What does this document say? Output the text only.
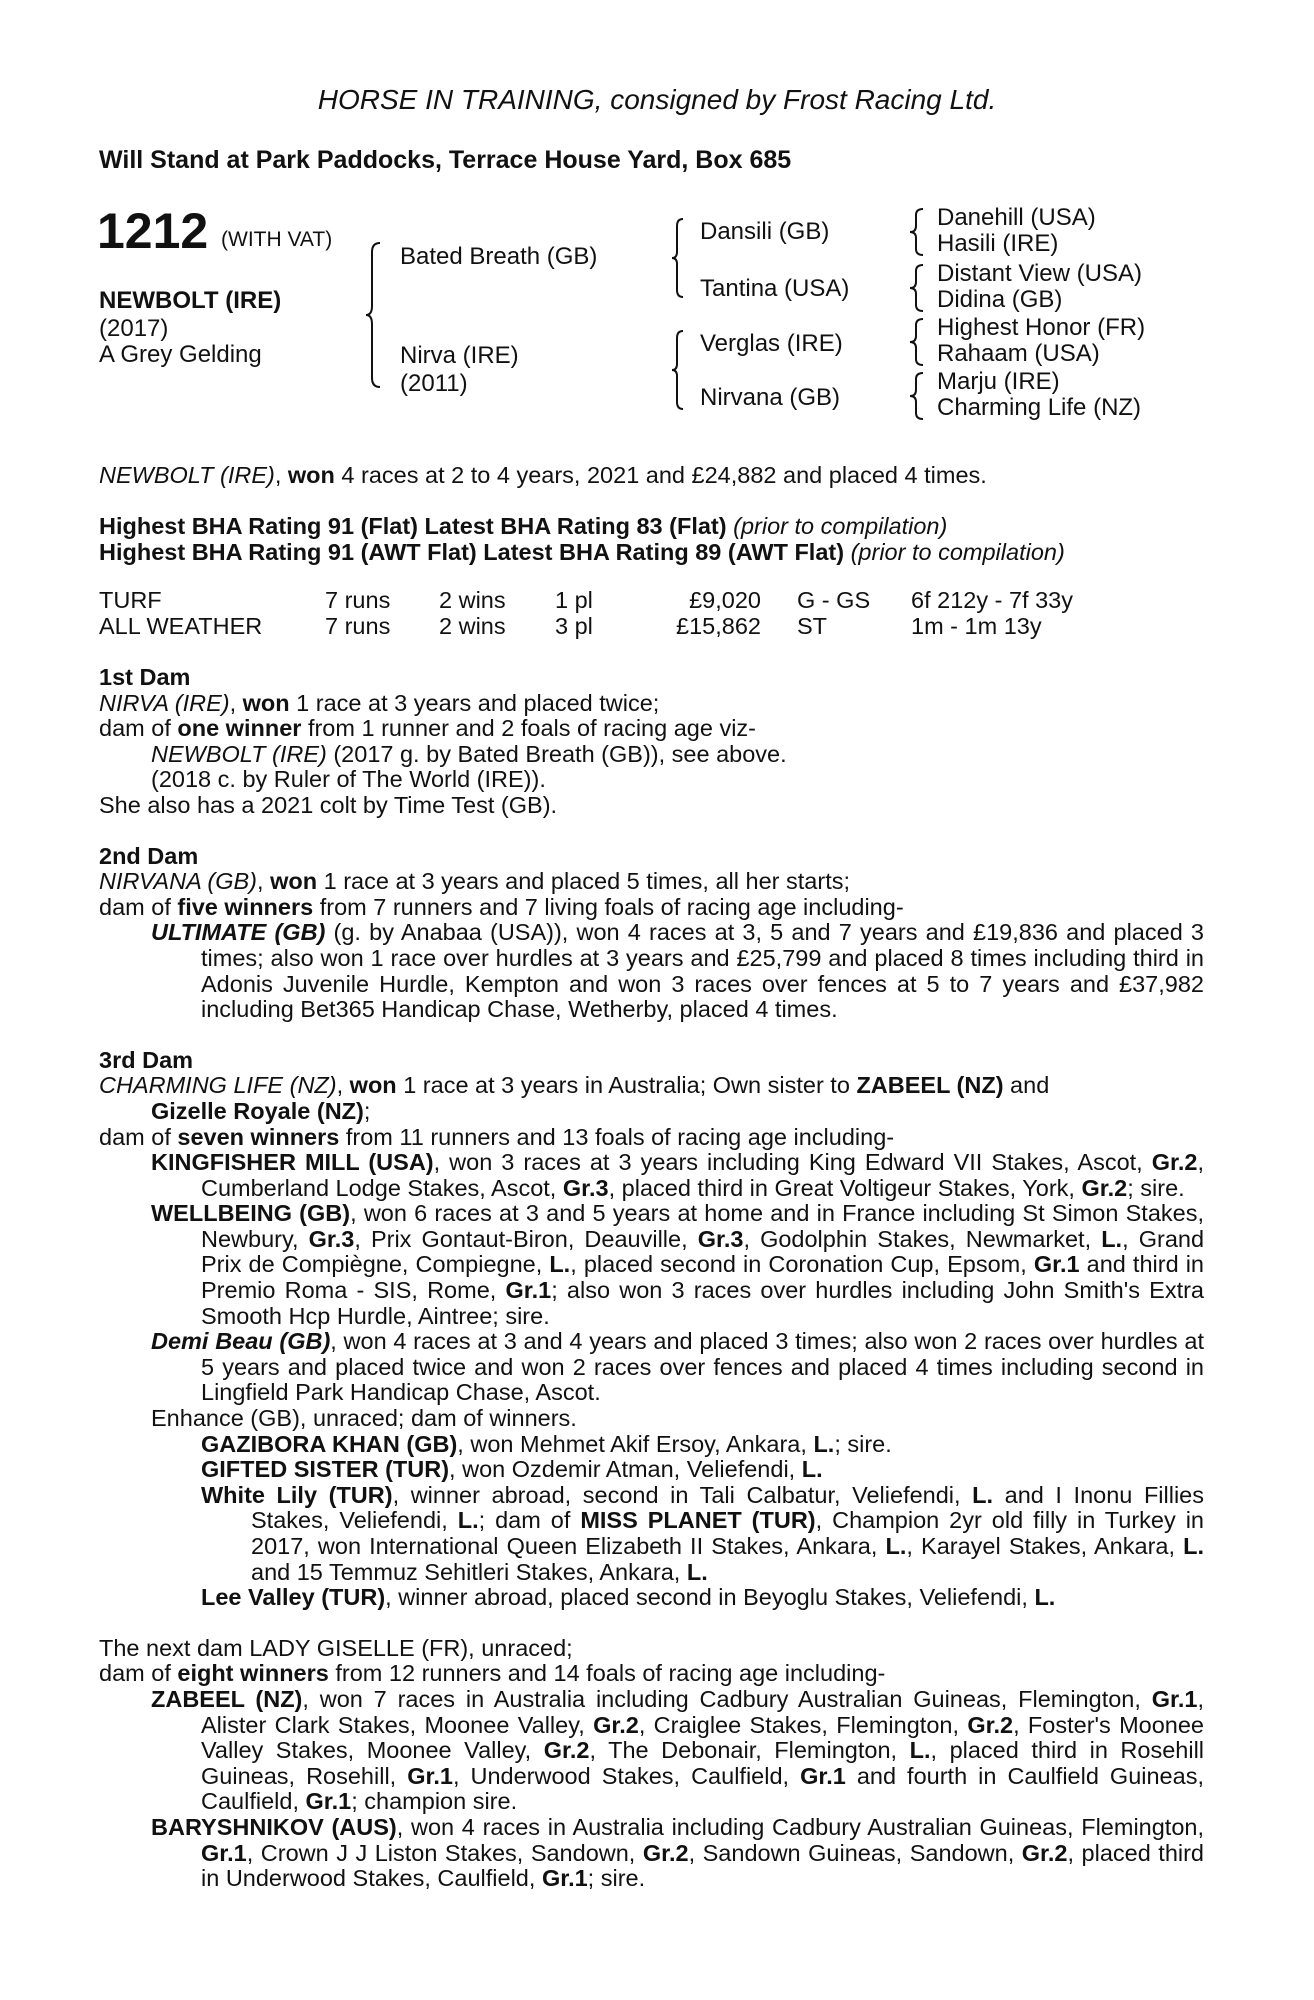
HORSE IN TRAINING, consigned by Frost Racing Ltd.
Will Stand at Park Paddocks, Terrace House Yard, Box 685
1212 (WITH VAT)
NEWBOLT (IRE)
(2017)
A Grey Gelding
Bated Breath (GB)
Nirva (IRE)
(2011)
Dansili (GB)
Tantina (USA)
Verglas (IRE)
Nirvana (GB)
Danehill (USA)
Hasili (IRE)
Distant View (USA)
Didina (GB)
Highest Honor (FR)
Rahaam (USA)
Marju (IRE)
Charming Life (NZ)

NEWBOLT (IRE), won 4 races at 2 to 4 years, 2021 and £24,882 and placed 4 times.

Highest BHA Rating 91 (Flat) Latest BHA Rating 83 (Flat) (prior to compilation)

Highest BHA Rating 91 (AWT Flat) Latest BHA Rating 89 (AWT Flat) (prior to compilation)

TURF	7 runs	2 wins	1 pl	£9,020	G - GS	6f 212y - 7f 33y
ALL WEATHER	7 runs	2 wins	3 pl	£15,862	ST	1m - 1m 13y

1st Dam

NIRVA (IRE), won 1 race at 3 years and placed twice;

dam of one winner from 1 runner and 2 foals of racing age viz-

NEWBOLT (IRE) (2017 g. by Bated Breath (GB)), see above.

(2018 c. by Ruler of The World (IRE)).

She also has a 2021 colt by Time Test (GB).

2nd Dam

NIRVANA (GB), won 1 race at 3 years and placed 5 times, all her starts;

dam of five winners from 7 runners and 7 living foals of racing age including-

ULTIMATE (GB) (g. by Anabaa (USA)), won 4 races at 3, 5 and 7 years and £19,836 and placed 3 times; also won 1 race over hurdles at 3 years and £25,799 and placed 8 times including third in Adonis Juvenile Hurdle, Kempton and won 3 races over fences at 5 to 7 years and £37,982 including Bet365 Handicap Chase, Wetherby, placed 4 times.

3rd Dam

CHARMING LIFE (NZ), won 1 race at 3 years in Australia; Own sister to ZABEEL (NZ) and

Gizelle Royale (NZ);

dam of seven winners from 11 runners and 13 foals of racing age including-

KINGFISHER MILL (USA), won 3 races at 3 years including King Edward VII Stakes, Ascot, Gr.2, Cumberland Lodge Stakes, Ascot, Gr.3, placed third in Great Voltigeur Stakes, York, Gr.2; sire.

WELLBEING (GB), won 6 races at 3 and 5 years at home and in France including St Simon Stakes, Newbury, Gr.3, Prix Gontaut-Biron, Deauville, Gr.3, Godolphin Stakes, Newmarket, L., Grand Prix de Compiègne, Compiegne, L., placed second in Coronation Cup, Epsom, Gr.1 and third in Premio Roma - SIS, Rome, Gr.1; also won 3 races over hurdles including John Smith's Extra Smooth Hcp Hurdle, Aintree; sire.

Demi Beau (GB), won 4 races at 3 and 4 years and placed 3 times; also won 2 races over hurdles at 5 years and placed twice and won 2 races over fences and placed 4 times including second in Lingfield Park Handicap Chase, Ascot.

Enhance (GB), unraced; dam of winners.

GAZIBORA KHAN (GB), won Mehmet Akif Ersoy, Ankara, L.; sire.

GIFTED SISTER (TUR), won Ozdemir Atman, Veliefendi, L.

White Lily (TUR), winner abroad, second in Tali Calbatur, Veliefendi, L. and I Inonu Fillies Stakes, Veliefendi, L.; dam of MISS PLANET (TUR), Champion 2yr old filly in Turkey in 2017, won International Queen Elizabeth II Stakes, Ankara, L., Karayel Stakes, Ankara, L. and 15 Temmuz Sehitleri Stakes, Ankara, L.

Lee Valley (TUR), winner abroad, placed second in Beyoglu Stakes, Veliefendi, L.

The next dam LADY GISELLE (FR), unraced;

dam of eight winners from 12 runners and 14 foals of racing age including-

ZABEEL (NZ), won 7 races in Australia including Cadbury Australian Guineas, Flemington, Gr.1, Alister Clark Stakes, Moonee Valley, Gr.2, Craiglee Stakes, Flemington, Gr.2, Foster's Moonee Valley Stakes, Moonee Valley, Gr.2, The Debonair, Flemington, L., placed third in Rosehill Guineas, Rosehill, Gr.1, Underwood Stakes, Caulfield, Gr.1 and fourth in Caulfield Guineas, Caulfield, Gr.1; champion sire.

BARYSHNIKOV (AUS), won 4 races in Australia including Cadbury Australian Guineas, Flemington, Gr.1, Crown J J Liston Stakes, Sandown, Gr.2, Sandown Guineas, Sandown, Gr.2, placed third in Underwood Stakes, Caulfield, Gr.1; sire.
